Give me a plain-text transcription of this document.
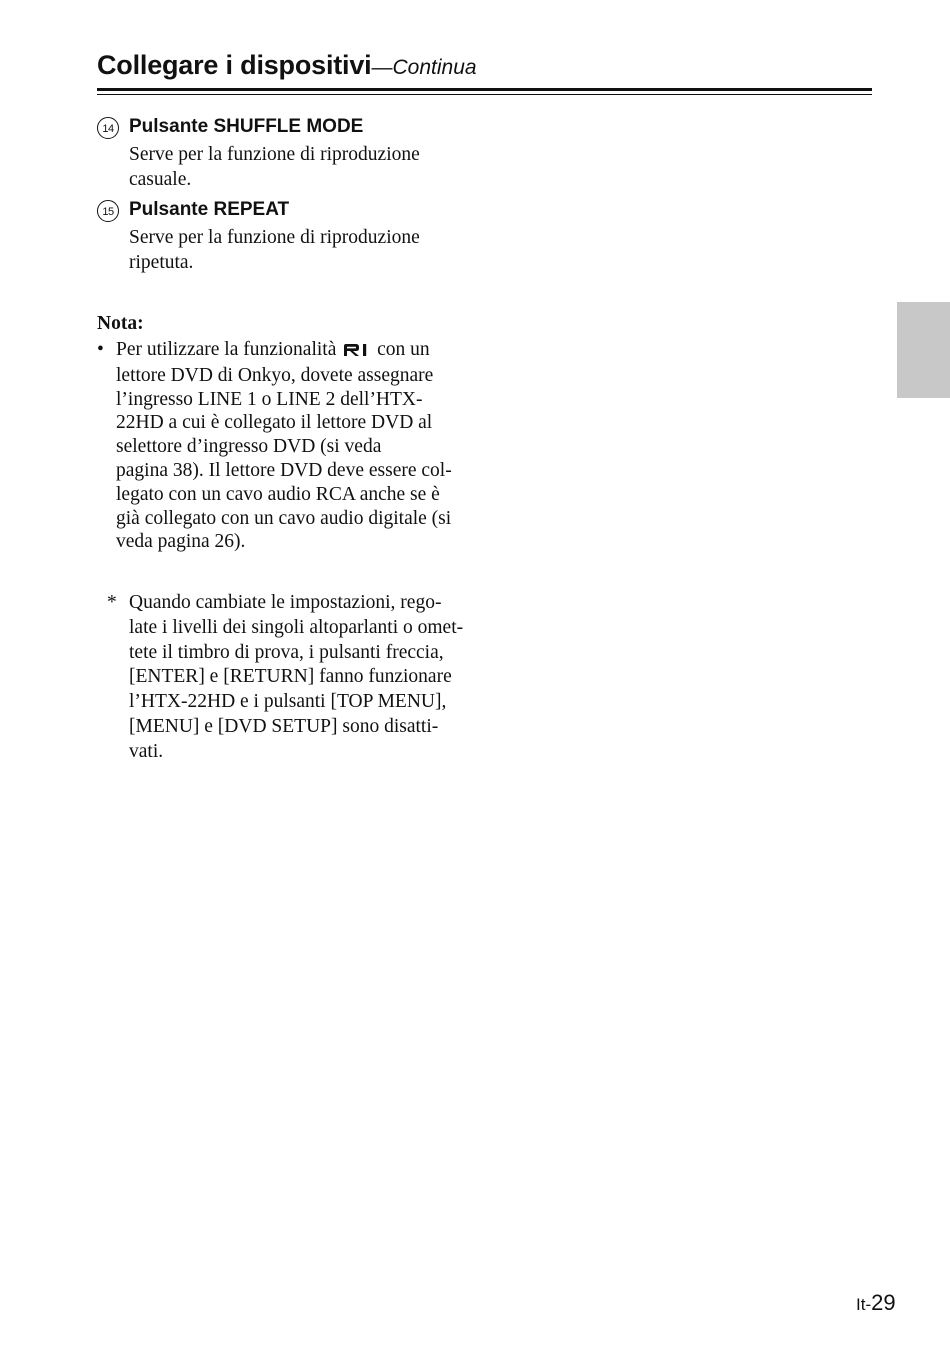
Collegare i dispositivi—Continua
14 Pulsante SHUFFLE MODE
Serve per la funzione di riproduzione
casuale.
15 Pulsante REPEAT
Serve per la funzione di riproduzione
ripetuta.
Nota:
• Per utilizzare la funzionalità con un
lettore DVD di Onkyo, dovete assegnare
l’ingresso LINE 1 o LINE 2 dell’HTX-
22HD a cui è collegato il lettore DVD al
selettore d’ingresso DVD (si veda
pagina 38). Il lettore DVD deve essere col-
legato con un cavo audio RCA anche se è
già collegato con un cavo audio digitale (si
veda pagina 26).
* Quando cambiate le impostazioni, rego-
late i livelli dei singoli altoparlanti o omet-
tete il timbro di prova, i pulsanti freccia,
[ENTER] e [RETURN] fanno funzionare
l’HTX-22HD e i pulsanti [TOP MENU],
[MENU] e [DVD SETUP] sono disatti-
vati.
It-29
